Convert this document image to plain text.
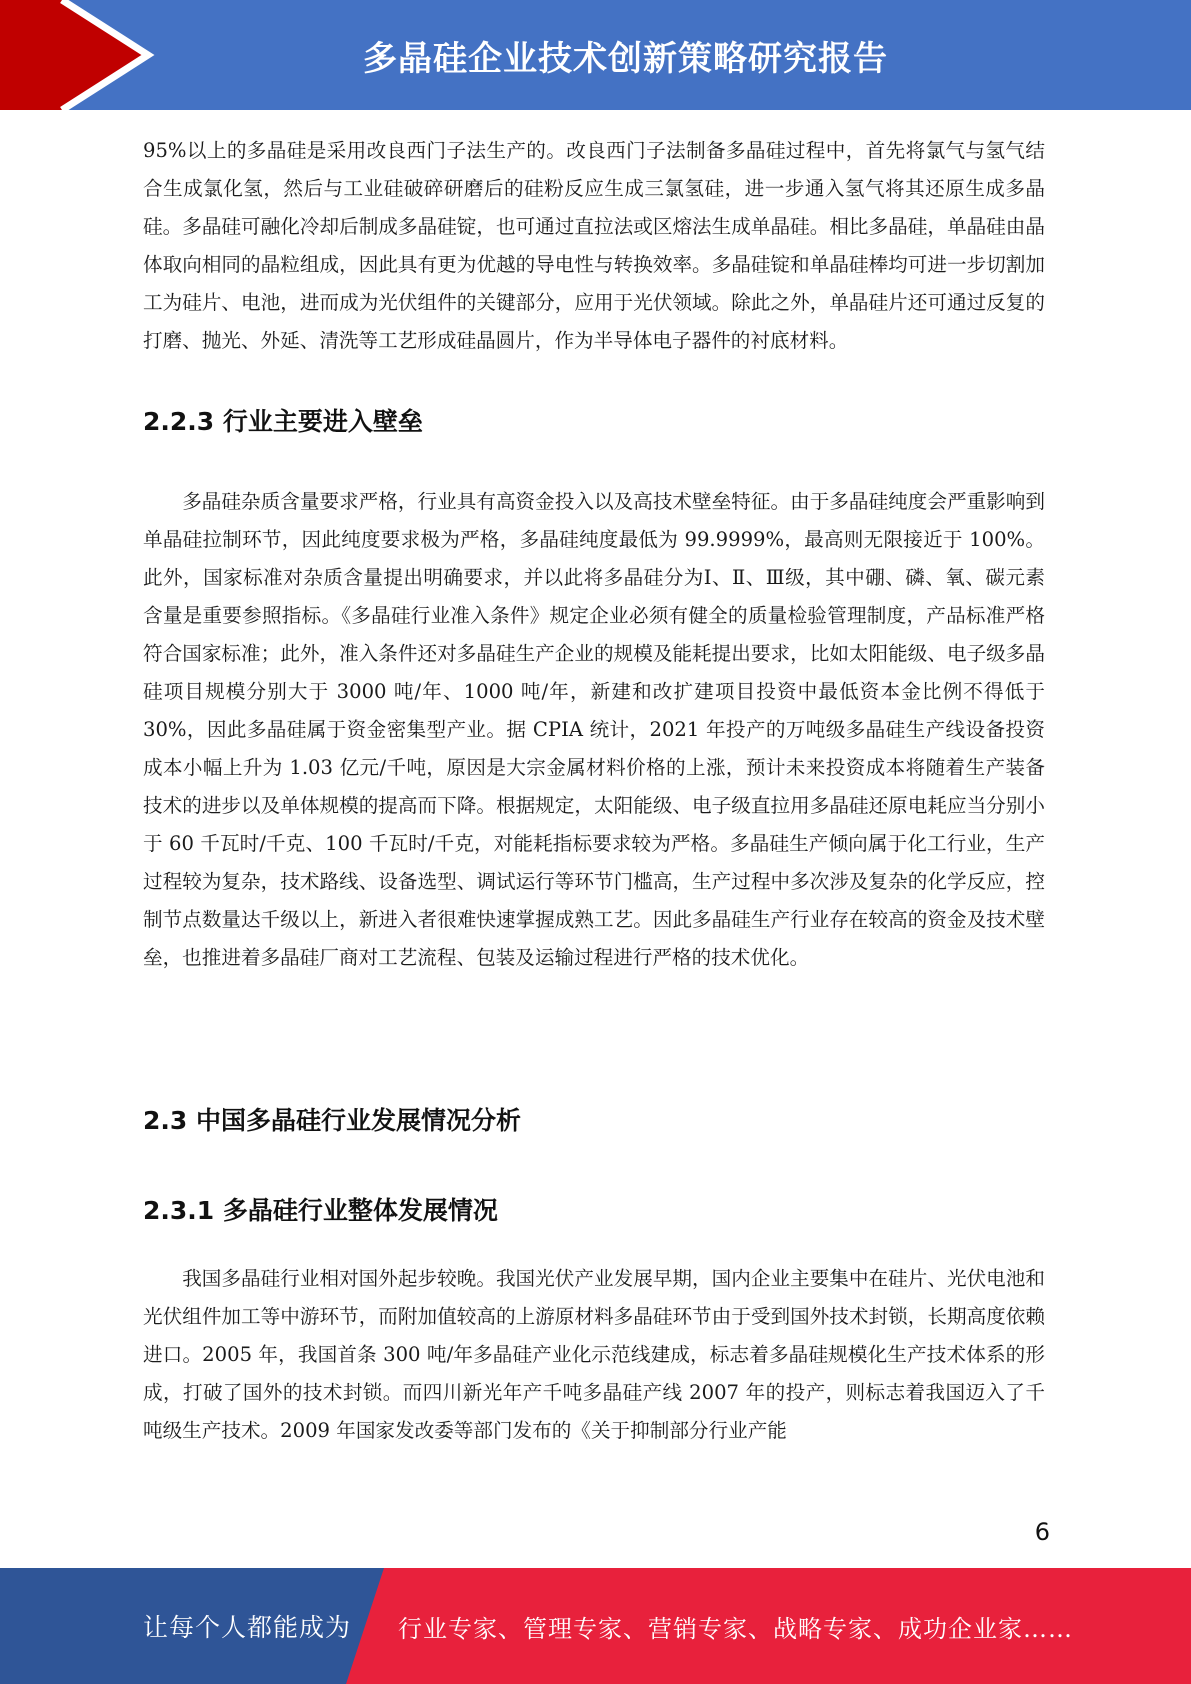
多晶硅企业技术创新策略研究报告

95%以上的多晶硅是采用改良西门子法生产的。改良西门子法制备多晶硅过程中，首先将氯气与氢气结合生成氯化氢，然后与工业硅破碎研磨后的硅粉反应生成三氯氢硅，进一步通入氢气将其还原生成多晶硅。多晶硅可融化冷却后制成多晶硅锭，也可通过直拉法或区熔法生成单晶硅。相比多晶硅，单晶硅由晶体取向相同的晶粒组成，因此具有更为优越的导电性与转换效率。多晶硅锭和单晶硅棒均可进一步切割加工为硅片、电池，进而成为光伏组件的关键部分，应用于光伏领域。除此之外，单晶硅片还可通过反复的打磨、抛光、外延、清洗等工艺形成硅晶圆片，作为半导体电子器件的衬底材料。

2.2.3 行业主要进入壁垒

多晶硅杂质含量要求严格，行业具有高资金投入以及高技术壁垒特征。由于多晶硅纯度会严重影响到单晶硅拉制环节，因此纯度要求极为严格，多晶硅纯度最低为 99.9999%，最高则无限接近于 100%。此外，国家标准对杂质含量提出明确要求，并以此将多晶硅分为Ⅰ、Ⅱ、Ⅲ级，其中硼、磷、氧、碳元素含量是重要参照指标。《多晶硅行业准入条件》规定企业必须有健全的质量检验管理制度，产品标准严格符合国家标准；此外，准入条件还对多晶硅生产企业的规模及能耗提出要求，比如太阳能级、电子级多晶硅项目规模分别大于 3000 吨/年、1000 吨/年，新建和改扩建项目投资中最低资本金比例不得低于 30%，因此多晶硅属于资金密集型产业。据 CPIA 统计，2021 年投产的万吨级多晶硅生产线设备投资成本小幅上升为 1.03 亿元/千吨，原因是大宗金属材料价格的上涨，预计未来投资成本将随着生产装备技术的进步以及单体规模的提高而下降。根据规定，太阳能级、电子级直拉用多晶硅还原电耗应当分别小于 60 千瓦时/千克、100 千瓦时/千克，对能耗指标要求较为严格。多晶硅生产倾向属于化工行业，生产过程较为复杂，技术路线、设备选型、调试运行等环节门槛高，生产过程中多次涉及复杂的化学反应，控制节点数量达千级以上，新进入者很难快速掌握成熟工艺。因此多晶硅生产行业存在较高的资金及技术壁垒，也推进着多晶硅厂商对工艺流程、包装及运输过程进行严格的技术优化。

2.3 中国多晶硅行业发展情况分析
2.3.1 多晶硅行业整体发展情况

我国多晶硅行业相对国外起步较晚。我国光伏产业发展早期，国内企业主要集中在硅片、光伏电池和光伏组件加工等中游环节，而附加值较高的上游原材料多晶硅环节由于受到国外技术封锁，长期高度依赖进口。2005 年，我国首条 300 吨/年多晶硅产业化示范线建成，标志着多晶硅规模化生产技术体系的形成，打破了国外的技术封锁。而四川新光年产千吨多晶硅产线 2007 年的投产，则标志着我国迈入了千吨级生产技术。2009 年国家发改委等部门发布的《关于抑制部分行业产能

6
让每个人都能成为 行业专家、管理专家、营销专家、战略专家、成功企业家……
